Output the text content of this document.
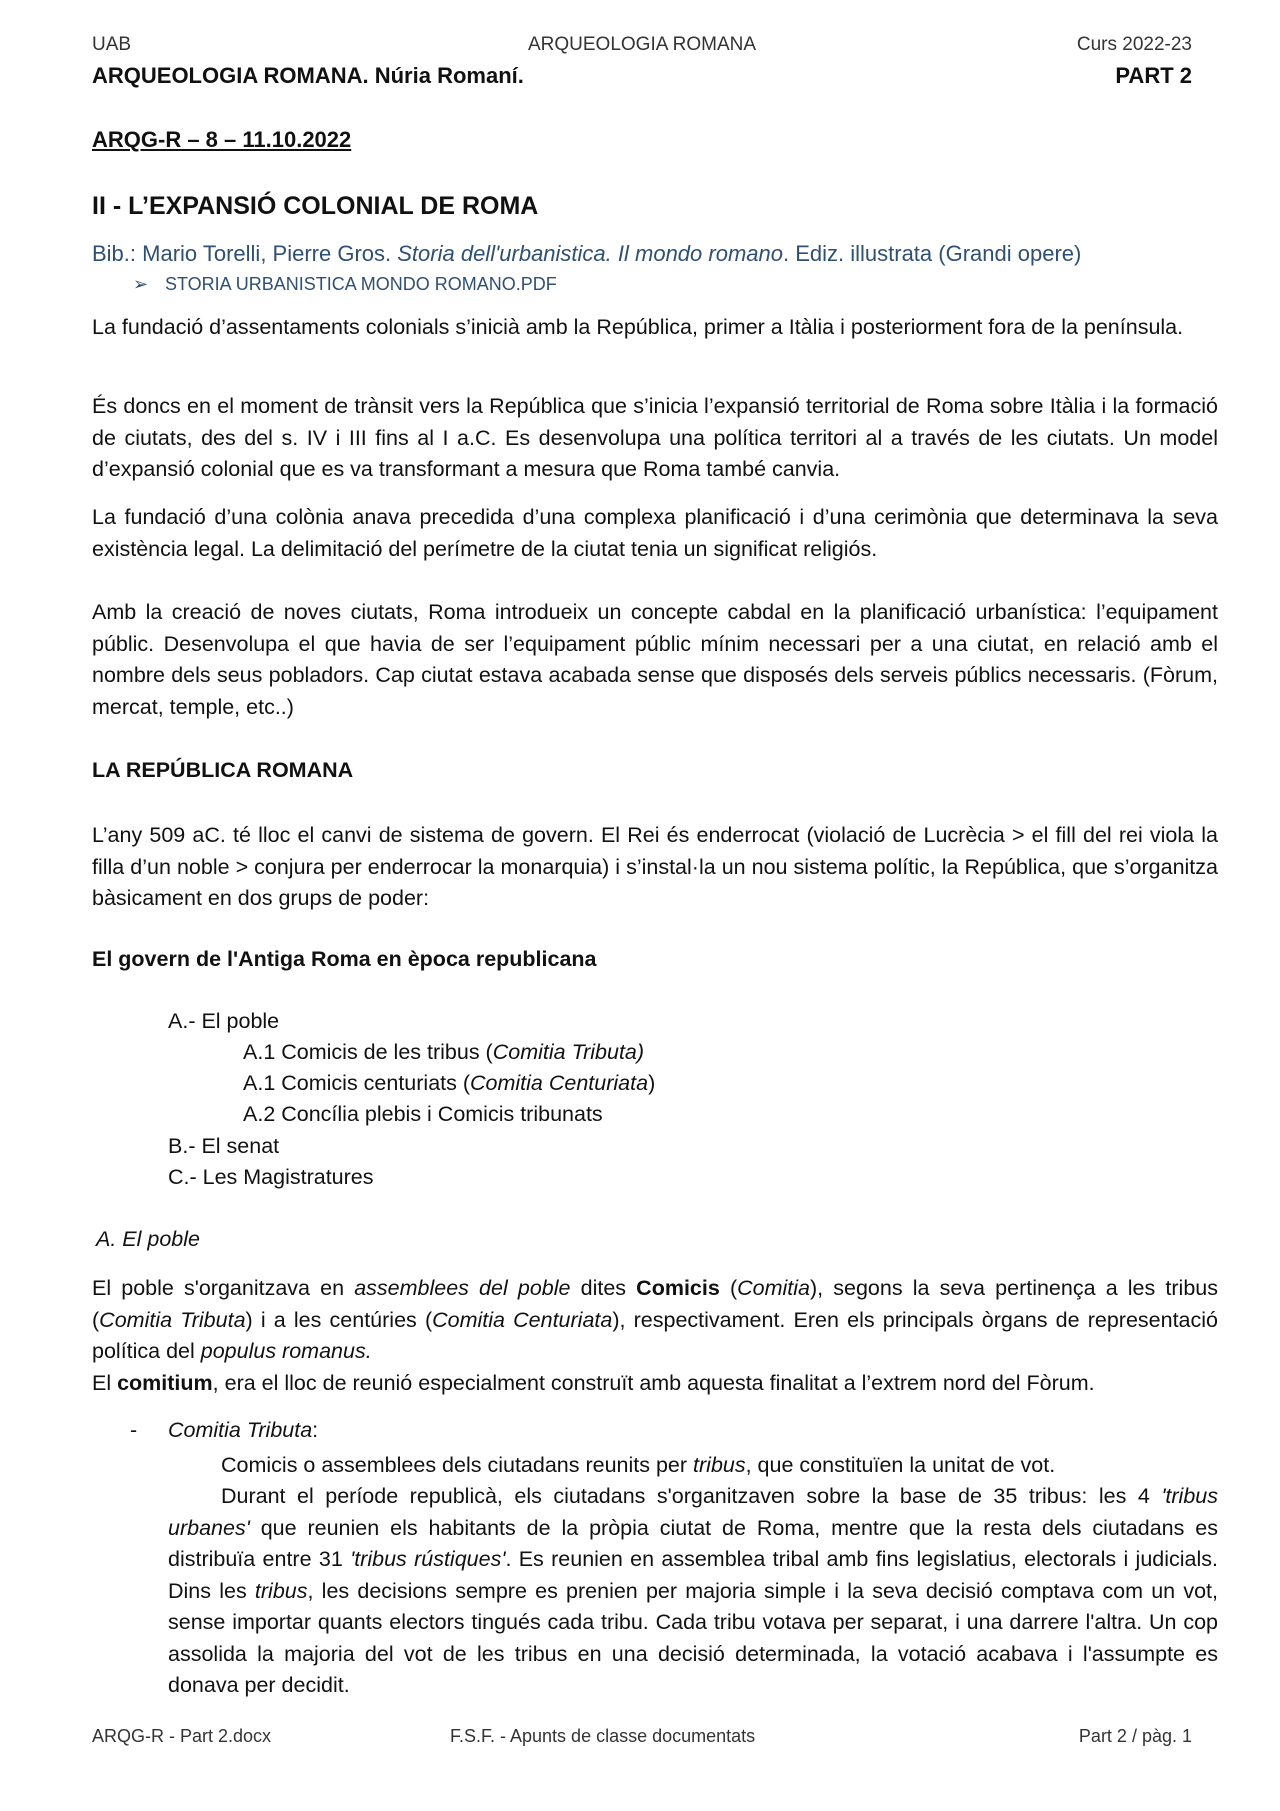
UAB	ARQUEOLOGIA ROMANA	Curs 2022-23
ARQUEOLOGIA ROMANA. Núria Romaní.	PART 2
ARQG-R – 8 – 11.10.2022
II - L’EXPANSIÓ COLONIAL DE ROMA
Bib.: Mario Torelli, Pierre Gros. Storia dell'urbanistica. Il mondo romano. Ediz. illustrata (Grandi opere)
➢ STORIA URBANISTICA MONDO ROMANO.PDF

La fundació d’assentaments colonials s’inicià amb la República, primer a Itàlia i posteriorment fora de la península.

És doncs en el moment de trànsit vers la República que s’inicia l’expansió territorial de Roma sobre Itàlia i la formació de ciutats, des del s. IV i III fins al I a.C. Es desenvolupa una política territori al a través de les ciutats. Un model d’expansió colonial que es va transformant a mesura que Roma també canvia.

La fundació d’una colònia anava precedida d’una complexa planificació i d’una cerimònia que determinava la seva existència legal. La delimitació del perímetre de la ciutat tenia un significat religiós.

Amb la creació de noves ciutats, Roma introdueix un concepte cabdal en la planificació urbanística: l’equipament públic. Desenvolupa el que havia de ser l’equipament públic mínim necessari per a una ciutat, en relació amb el nombre dels seus pobladors. Cap ciutat estava acabada sense que disposés dels serveis públics necessaris. (Fòrum, mercat, temple, etc..)

LA REPÚBLICA ROMANA

L’any 509 aC. té lloc el canvi de sistema de govern. El Rei és enderrocat (violació de Lucrècia > el fill del rei viola la filla d’un noble > conjura per enderrocar la monarquia) i s’instal·la un nou sistema polític, la República, que s’organitza bàsicament en dos grups de poder:

El govern de l'Antiga Roma en època republicana
A.- El poble
A.1 Comicis de les tribus (Comitia Tributa)
A.1 Comicis centuriats (Comitia Centuriata)
A.2 Concília plebis i Comicis tribunats
B.- El senat
C.- Les Magistratures
A. El poble

El poble s'organitzava en assemblees del poble dites Comicis (Comitia), segons la seva pertinença a les tribus (Comitia Tributa) i a les centúries (Comitia Centuriata), respectivament. Eren els principals òrgans de representació política del populus romanus.

El comitium, era el lloc de reunió especialment construït amb aquesta finalitat a l’extrem nord del Fòrum.

- Comitia Tributa:

Comicis o assemblees dels ciutadans reunits per tribus, que constituïen la unitat de vot.

Durant el període republicà, els ciutadans s'organitzaven sobre la base de 35 tribus: les 4 'tribus urbanes' que reunien els habitants de la pròpia ciutat de Roma, mentre que la resta dels ciutadans es distribuïa entre 31 'tribus rústiques'. Es reunien en assemblea tribal amb fins legislatius, electorals i judicials. Dins les tribus, les decisions sempre es prenien per majoria simple i la seva decisió comptava com un vot, sense importar quants electors tingués cada tribu. Cada tribu votava per separat, i una darrere l'altra. Un cop assolida la majoria del vot de les tribus en una decisió determinada, la votació acabava i l'assumpte es donava per decidit.

ARQG-R - Part 2.docx	F.S.F. - Apunts de classe documentats	Part 2 / pàg. 1
